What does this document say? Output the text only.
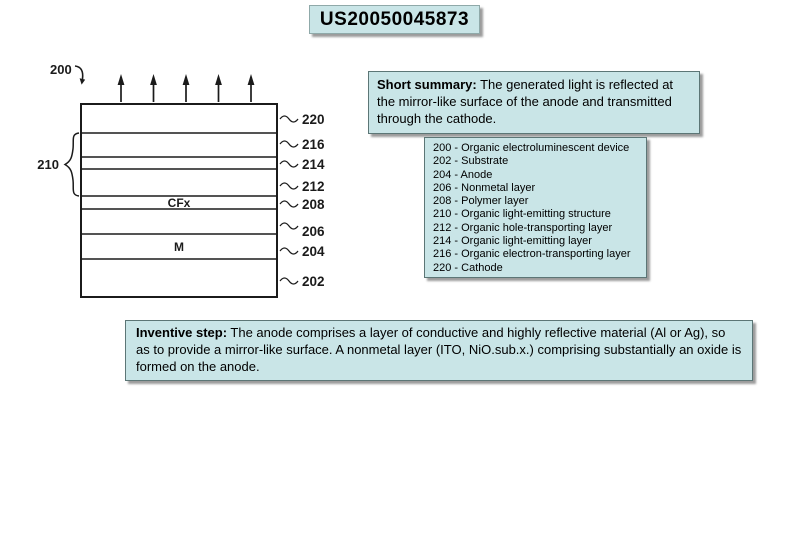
US20050045873
200
CFx
M
210
220
216
214
212
208
206
204
202
Short summary: The generated light is reflected at the mirror-like surface of the anode and transmitted through the cathode.
200 - Organic electroluminescent device
202 - Substrate
204 - Anode
206 - Nonmetal layer
208 - Polymer layer
210 - Organic light-emitting structure
212 - Organic hole-transporting layer
214 - Organic light-emitting layer
216 - Organic electron-transporting layer
220 - Cathode
Inventive step: The anode comprises a layer of conductive and highly reflective material (Al or Ag), so as to provide a mirror-like surface. A nonmetal layer (ITO, NiO.sub.x.) comprising substantially an oxide is formed on the anode.
